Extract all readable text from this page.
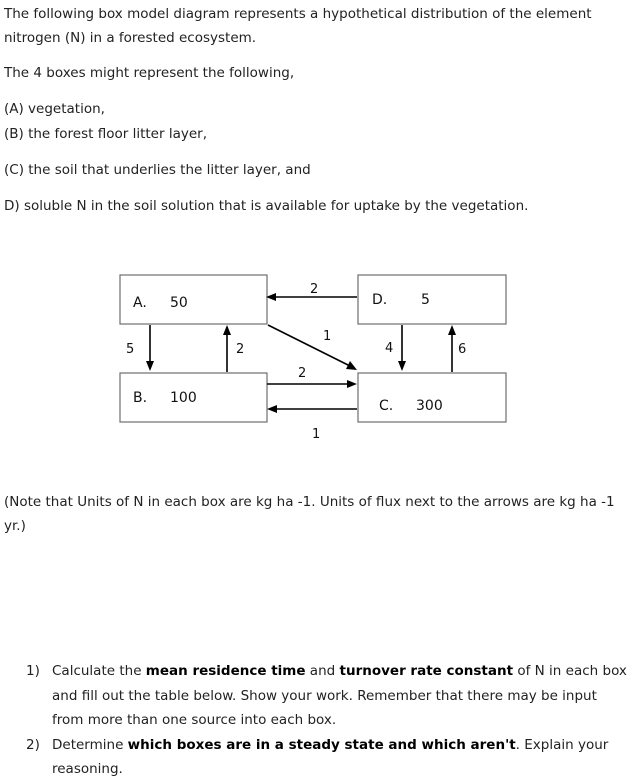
The following box model diagram represents a hypothetical distribution of the element

nitrogen (N) in a forested ecosystem.

The 4 boxes might represent the following,

(A) vegetation,

(B) the forest floor litter layer,

(C) the soil that underlies the litter layer, and

D) soluble N in the soil solution that is available for uptake by the vegetation.

A. 50
B. 100
D. 5
C. 300
2
5	2
1
2
1
4	6

(Note that Units of N in each box are kg ha -1. Units of flux next to the arrows are kg ha -1

yr.)

1) Calculate the mean residence time and turnover rate constant of N in each box and fill out the table below. Show your work. Remember that there may be input from more than one source into each box.
2) Determine which boxes are in a steady state and which aren't. Explain your reasoning.
